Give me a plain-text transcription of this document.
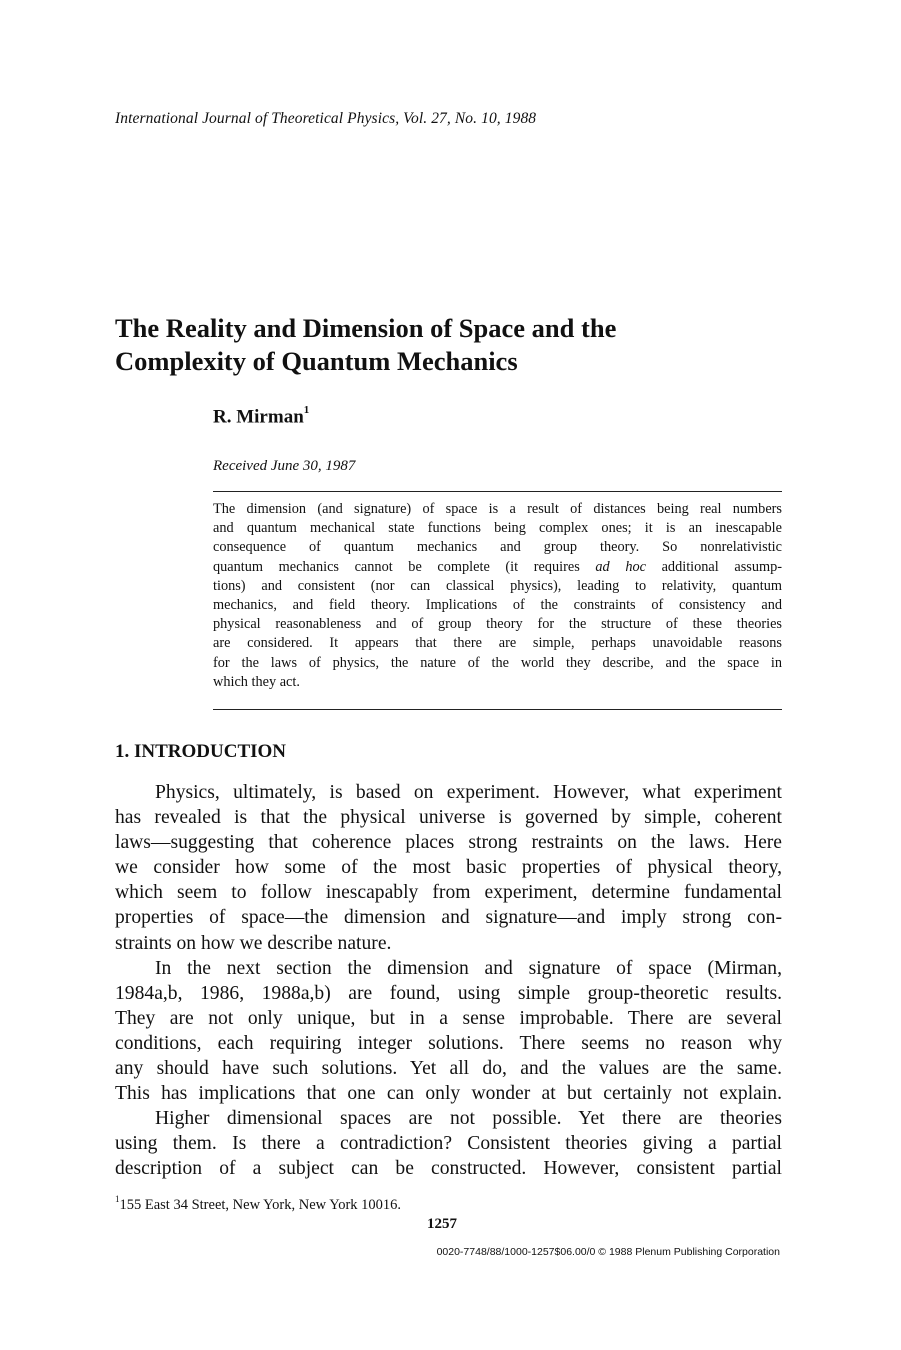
International Journal of Theoretical Physics, Vol. 27, No. 10, 1988
The Reality and Dimension of Space and the
Complexity of Quantum Mechanics
R. Mirman$^1$
Received June 30, 1987
The dimension (and signature) of space is a result of distances being real numbers
and quantum mechanical state functions being complex ones; it is an inescapable
consequence of quantum mechanics and group theory. So nonrelativistic
quantum mechanics cannot be complete (it requires ad hoc additional assump-
tions) and consistent (nor can classical physics), leading to relativity, quantum
mechanics, and field theory. Implications of the constraints of consistency and
physical reasonableness and of group theory for the structure of these theories
are considered. It appears that there are simple, perhaps unavoidable reasons
for the laws of physics, the nature of the world they describe, and the space in
which they act.
1. INTRODUCTION
Physics, ultimately, is based on experiment. However, what experiment
has revealed is that the physical universe is governed by simple, coherent
laws—suggesting that coherence places strong restraints on the laws. Here
we consider how some of the most basic properties of physical theory,
which seem to follow inescapably from experiment, determine fundamental
properties of space—the dimension and signature—and imply strong con-
straints on how we describe nature.
In the next section the dimension and signature of space (Mirman,
1984a,b, 1986, 1988a,b) are found, using simple group-theoretic results.
They are not only unique, but in a sense improbable. There are several
conditions, each requiring integer solutions. There seems no reason why
any should have such solutions. Yet all do, and the values are the same.
This has implications that one can only wonder at but certainly not explain.
Higher dimensional spaces are not possible. Yet there are theories
using them. Is there a contradiction? Consistent theories giving a partial
description of a subject can be constructed. However, consistent partial
$^1$155 East 34 Street, New York, New York 10016.
1257
0020-7748/88/1000-1257$06.00/0 © 1988 Plenum Publishing Corporation
